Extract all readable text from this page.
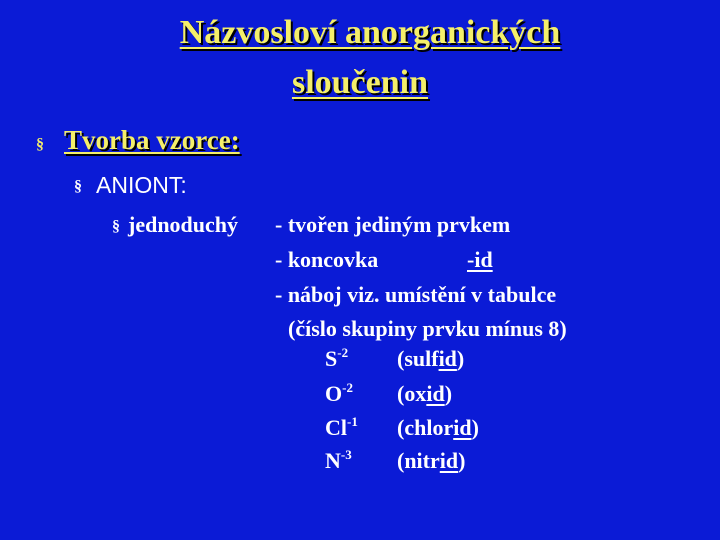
Názvosloví anorganických
sloučenin
§ Tvorba vzorce:
§ ANIONT:
§ jednoduchý - tvořen jediným prvkem
- koncovka	-id
- náboj viz. umístění v tabulce
(číslo skupiny prvku mínus 8)
$S^{-2}$ (sulfid)
$O^{-2}$ (oxid)
$Cl^{-1}$ (chlorid)
$N^{-3}$ (nitrid)
